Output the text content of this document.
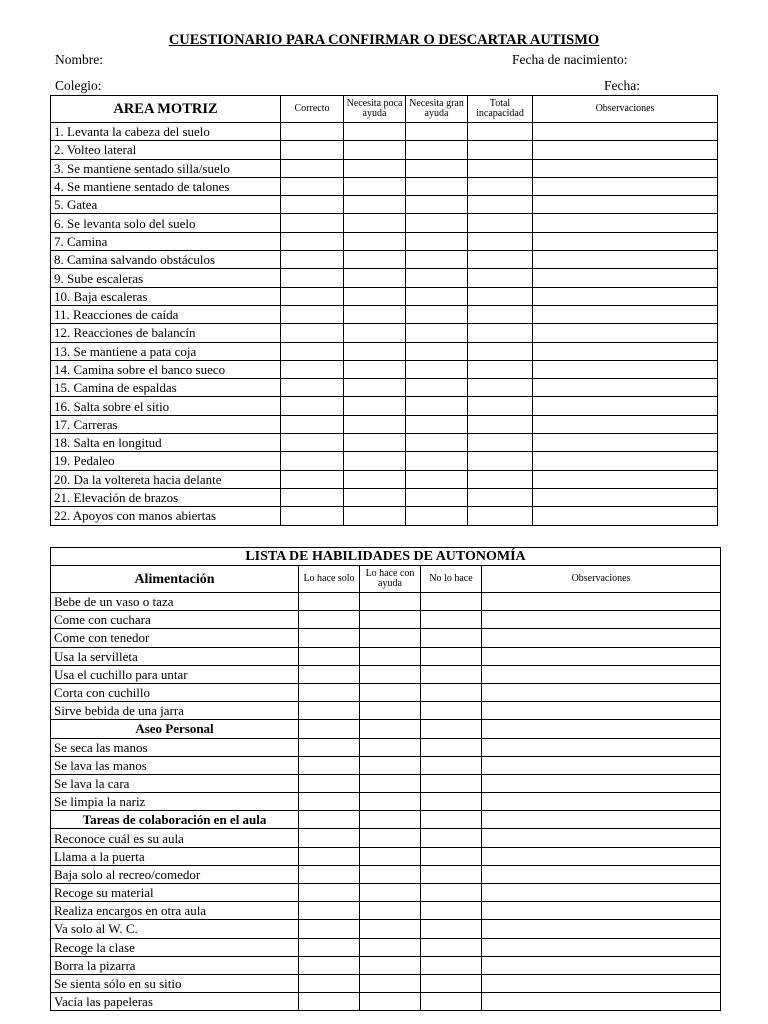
CUESTIONARIO PARA CONFIRMAR O DESCARTAR AUTISMO
Nombre:	Fecha de nacimiento:
Colegio:	Fecha:
AREA MOTRIZ	Correcto	Necesita poca ayuda	Necesita gran ayuda	Total incapacidad	Observaciones
1. Levanta la cabeza del suelo					
2. Volteo lateral					
3. Se mantiene sentado silla/suelo					
4. Se mantiene sentado de talones					
5. Gatea					
6. Se levanta solo del suelo					
7. Camina					
8. Camina salvando obstáculos					
9. Sube escaleras					
10. Baja escaleras					
11. Reacciones de caída					
12. Reacciones de balancín					
13. Se mantiene a pata coja					
14. Camina sobre el banco sueco					
15. Camina de espaldas					
16. Salta sobre el sitio					
17. Carreras					
18. Salta en longitud					
19. Pedaleo					
20. Da la voltereta hacia delante					
21. Elevación de brazos					
22. Apoyos con manos abiertas					
LISTA DE HABILIDADES DE AUTONOMÍA				
Alimentación	Lo hace solo	Lo hace con ayuda	No lo hace	Observaciones
Bebe de un vaso o taza				
Come con cuchara				
Come con tenedor				
Usa la servilleta				
Usa el cuchillo para untar				
Corta con cuchillo				
Sirve bebida de una jarra				
Aseo Personal				
Se seca las manos				
Se lava las manos				
Se lava la cara				
Se limpia la nariz				
Tareas de colaboración en el aula				
Reconoce cuál es su aula				
Llama a la puerta				
Baja solo al recreo/comedor				
Recoge su material				
Realiza encargos en otra aula				
Va solo al W. C.				
Recoge la clase				
Borra la pizarra				
Se sienta sólo en su sitio				
Vacía las papeleras				
